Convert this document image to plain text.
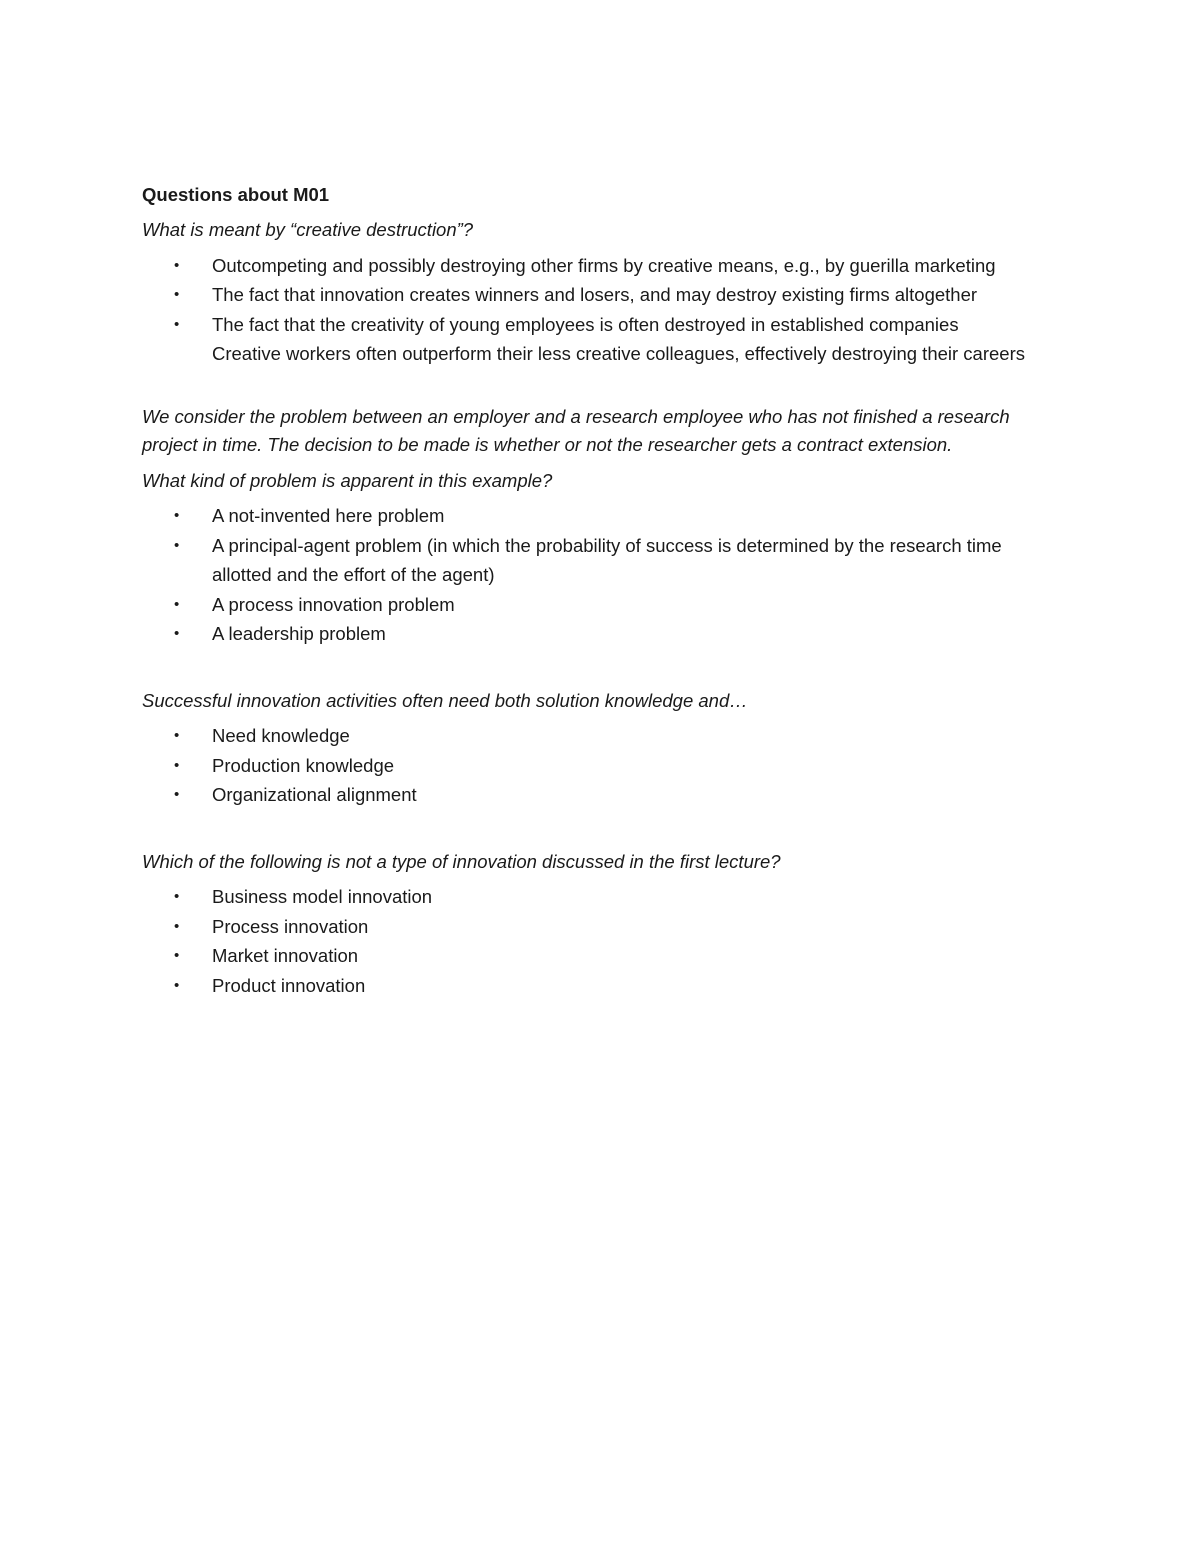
Questions about M01
What is meant by “creative destruction”?
• Outcompeting and possibly destroying other firms by creative means, e.g., by guerilla marketing
• The fact that innovation creates winners and losers, and may destroy existing firms altogether
• The fact that the creativity of young employees is often destroyed in established companies
Creative workers often outperform their less creative colleagues, effectively destroying their careers
We consider the problem between an employer and a research employee who has not finished a research project in time. The decision to be made is whether or not the researcher gets a contract extension.
What kind of problem is apparent in this example?
• A not-invented here problem
• A principal-agent problem (in which the probability of success is determined by the research time allotted and the effort of the agent)
• A process innovation problem
• A leadership problem
Successful innovation activities often need both solution knowledge and…
• Need knowledge
• Production knowledge
• Organizational alignment
Which of the following is not a type of innovation discussed in the first lecture?
• Business model innovation
• Process innovation
• Market innovation
• Product innovation
